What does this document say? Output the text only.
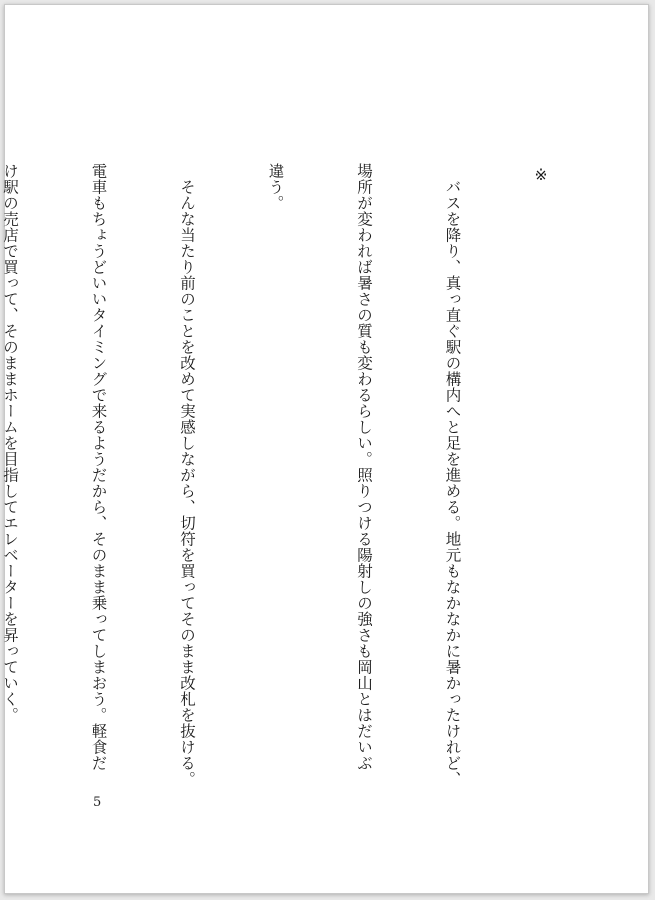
※

　バスを降り、真っ直ぐ駅の構内へと足を進める。地元もなかなかに暑かったけれど、

場所が変われば暑さの質も変わるらしい。照りつける陽射しの強さも岡山とはだいぶ

違う。

　そんな当たり前のことを改めて実感しながら、切符を買ってそのまま改札を抜ける。

電車もちょうどいいタイミングで来るようだから、そのまま乗ってしまおう。軽食だ

け駅の売店で買って、そのままホームを目指してエレベーターを昇っていく。

5
